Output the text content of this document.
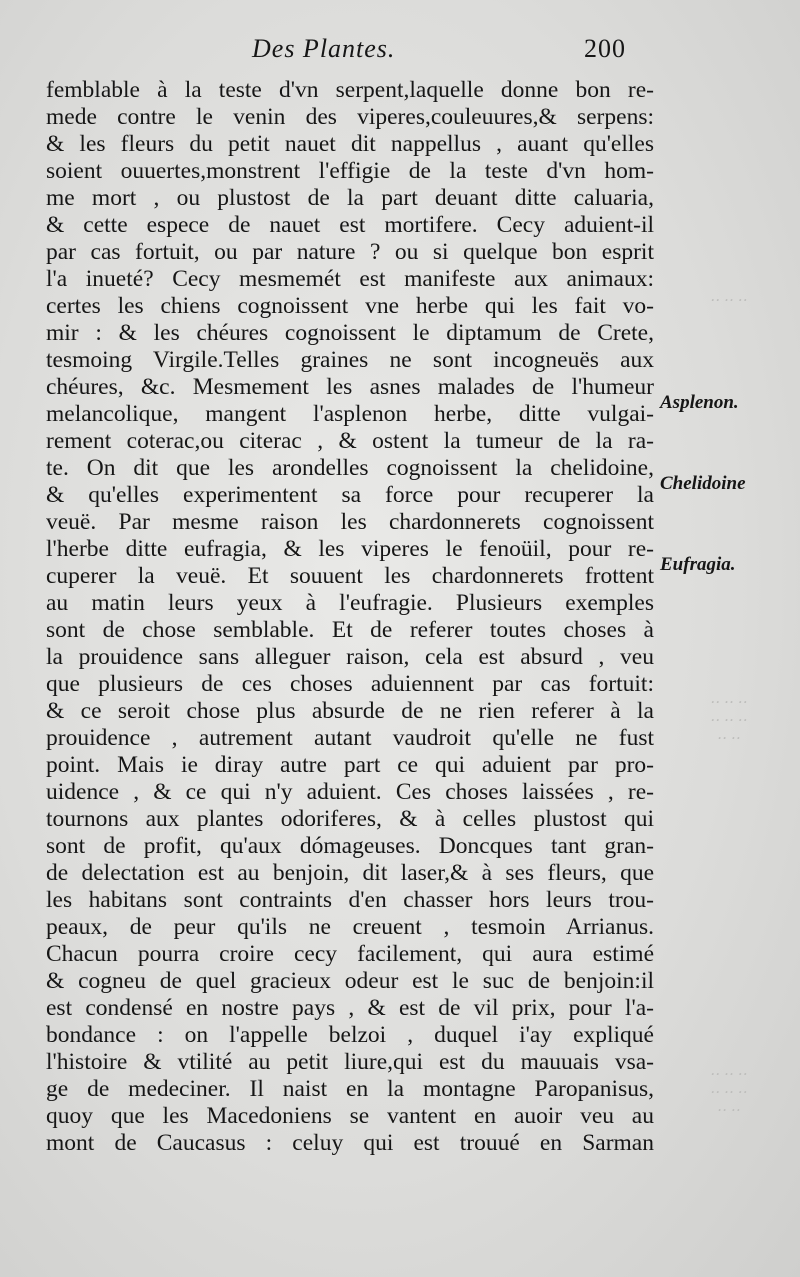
Des Plantes.	200
‥ ‥ ‥
‥ ‥ ‥
‥ ‥ ‥
‥ ‥
‥ ‥ ‥
‥ ‥ ‥
‥ ‥
femblable à la teste d'vn serpent,laquelle donne bon re-
mede contre le venin des viperes,couleuures,& serpens:
& les fleurs du petit nauet dit nappellus , auant qu'elles
soient ouuertes,monstrent l'effigie de la teste d'vn hom-
me mort , ou plustost de la part deuant ditte caluaria,
& cette espece de nauet est mortifere. Cecy aduient-il
par cas fortuit, ou par nature ? ou si quelque bon esprit
l'a inueté? Cecy mesmemét est manifeste aux animaux:
certes les chiens cognoissent vne herbe qui les fait vo-
mir : & les chéures cognoissent le diptamum de Crete,
tesmoing Virgile.Telles graines ne sont incogneuës aux
chéures, &c. Mesmement les asnes malades de l'humeur
melancolique, mangent l'asplenon herbe, ditte vulgai-
rement coterac,ou citerac , & ostent la tumeur de la ra-
te. On dit que les arondelles cognoissent la chelidoine,
& qu'elles experimentent sa force pour recuperer la
veuë. Par mesme raison les chardonnerets cognoissent
l'herbe ditte eufragia, & les viperes le fenoüil, pour re-
cuperer la veuë. Et souuent les chardonnerets frottent
au matin leurs yeux à l'eufragie. Plusieurs exemples
sont de chose semblable. Et de referer toutes choses à
la prouidence sans alleguer raison, cela est absurd , veu
que plusieurs de ces choses aduiennent par cas fortuit:
& ce seroit chose plus absurde de ne rien referer à la
prouidence , autrement autant vaudroit qu'elle ne fust
point. Mais ie diray autre part ce qui aduient par pro-
uidence , & ce qui n'y aduient. Ces choses laissées , re-
tournons aux plantes odoriferes, & à celles plustost qui
sont de profit, qu'aux dómageuses. Doncques tant gran-
de delectation est au benjoin, dit laser,& à ses fleurs, que
les habitans sont contraints d'en chasser hors leurs trou-
peaux, de peur qu'ils ne creuent , tesmoin Arrianus.
Chacun pourra croire cecy facilement, qui aura estimé
& cogneu de quel gracieux odeur est le suc de benjoin:il
est condensé en nostre pays , & est de vil prix, pour l'a-
bondance : on l'appelle belzoi , duquel i'ay expliqué
l'histoire & vtilité au petit liure,qui est du mauuais vsa-
ge de medeciner. Il naist en la montagne Paropanisus,
quoy que les Macedoniens se vantent en auoir veu au
mont de Caucasus : celuy qui est trouué en Sarman
Asplenon.
Chelidoine
Eufragia.
